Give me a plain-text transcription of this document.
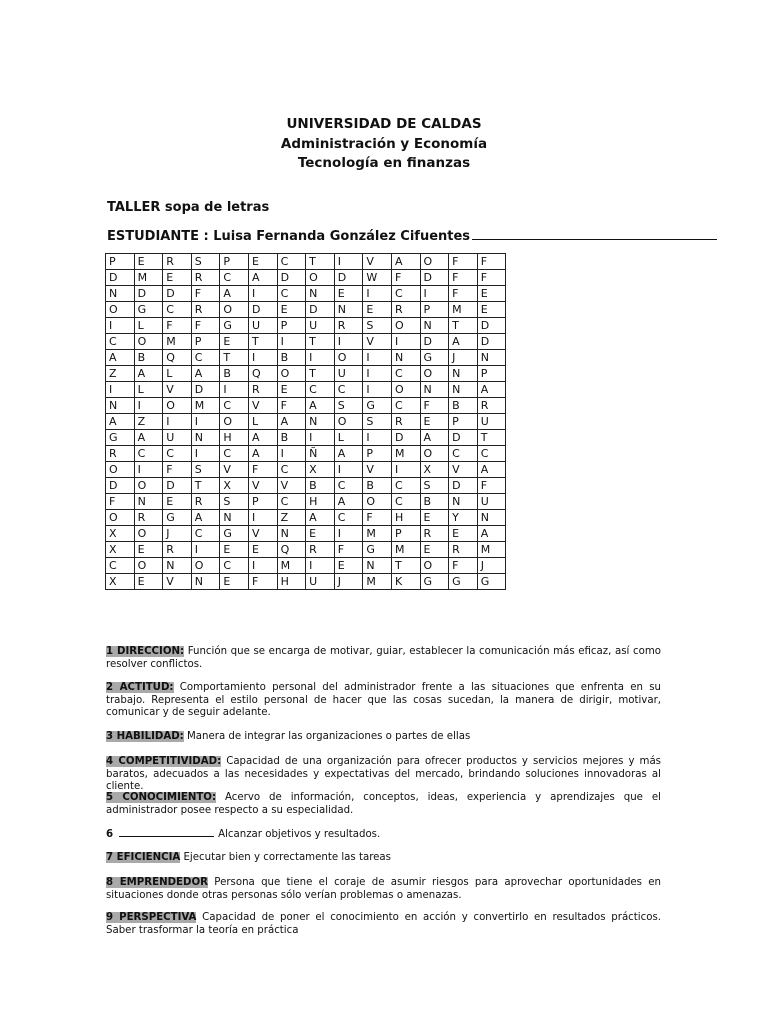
UNIVERSIDAD DE CALDAS
Administración y Economía
Tecnología en finanzas
TALLER sopa de letras
ESTUDIANTE : Luisa Fernanda González Cifuentes
P	E	R	S	P	E	C	T	I	V	A	O	F	F
D	M	E	R	C	A	D	O	D	W	F	D	F	F
N	D	D	F	A	I	C	N	E	I	C	I	F	E
O	G	C	R	O	D	E	D	N	E	R	P	M	E
I	L	F	F	G	U	P	U	R	S	O	N	T	D
C	O	M	P	E	T	I	T	I	V	I	D	A	D
A	B	Q	C	T	I	B	I	O	I	N	G	J	N
Z	A	L	A	B	Q	O	T	U	I	C	O	N	P
I	L	V	D	I	R	E	C	C	I	O	N	N	A
N	I	O	M	C	V	F	A	S	G	C	F	B	R
A	Z	I	I	O	L	A	N	O	S	R	E	P	U
G	A	U	N	H	A	B	I	L	I	D	A	D	T
R	C	C	I	C	A	I	Ñ	A	P	M	O	C	C
O	I	F	S	V	F	C	X	I	V	I	X	V	A
D	O	D	T	X	V	V	B	C	B	C	S	D	F
F	N	E	R	S	P	C	H	A	O	C	B	N	U
O	R	G	A	N	I	Z	A	C	F	H	E	Y	N
X	O	J	C	G	V	N	E	I	M	P	R	E	A
X	E	R	I	E	E	Q	R	F	G	M	E	R	M
C	O	N	O	C	I	M	I	E	N	T	O	F	J
X	E	V	N	E	F	H	U	J	M	K	G	G	G

1 DIRECCION: Función que se encarga de motivar, guiar, establecer la comunicación más eficaz, así como resolver conflictos.

2 ACTITUD: Comportamiento personal del administrador frente a las situaciones que enfrenta en su trabajo. Representa el estilo personal de hacer que las cosas sucedan, la manera de dirigir, motivar, comunicar y de seguir adelante.

3 HABILIDAD: Manera de integrar las organizaciones o partes de ellas

4 COMPETITIVIDAD: Capacidad de una organización para ofrecer productos y servicios mejores y más baratos, adecuados a las necesidades y expectativas del mercado, brindando soluciones innovadoras al cliente.

5 CONOCIMIENTO: Acervo de información, conceptos, ideas, experiencia y aprendizajes que el administrador posee respecto a su especialidad.

6	Alcanzar objetivos y resultados.

7 EFICIENCIA Ejecutar bien y correctamente las tareas

8 EMPRENDEDOR Persona que tiene el coraje de asumir riesgos para aprovechar oportunidades en situaciones donde otras personas sólo verían problemas o amenazas.

9 PERSPECTIVA Capacidad de poner el conocimiento en acción y convertirlo en resultados prácticos. Saber trasformar la teoría en práctica
